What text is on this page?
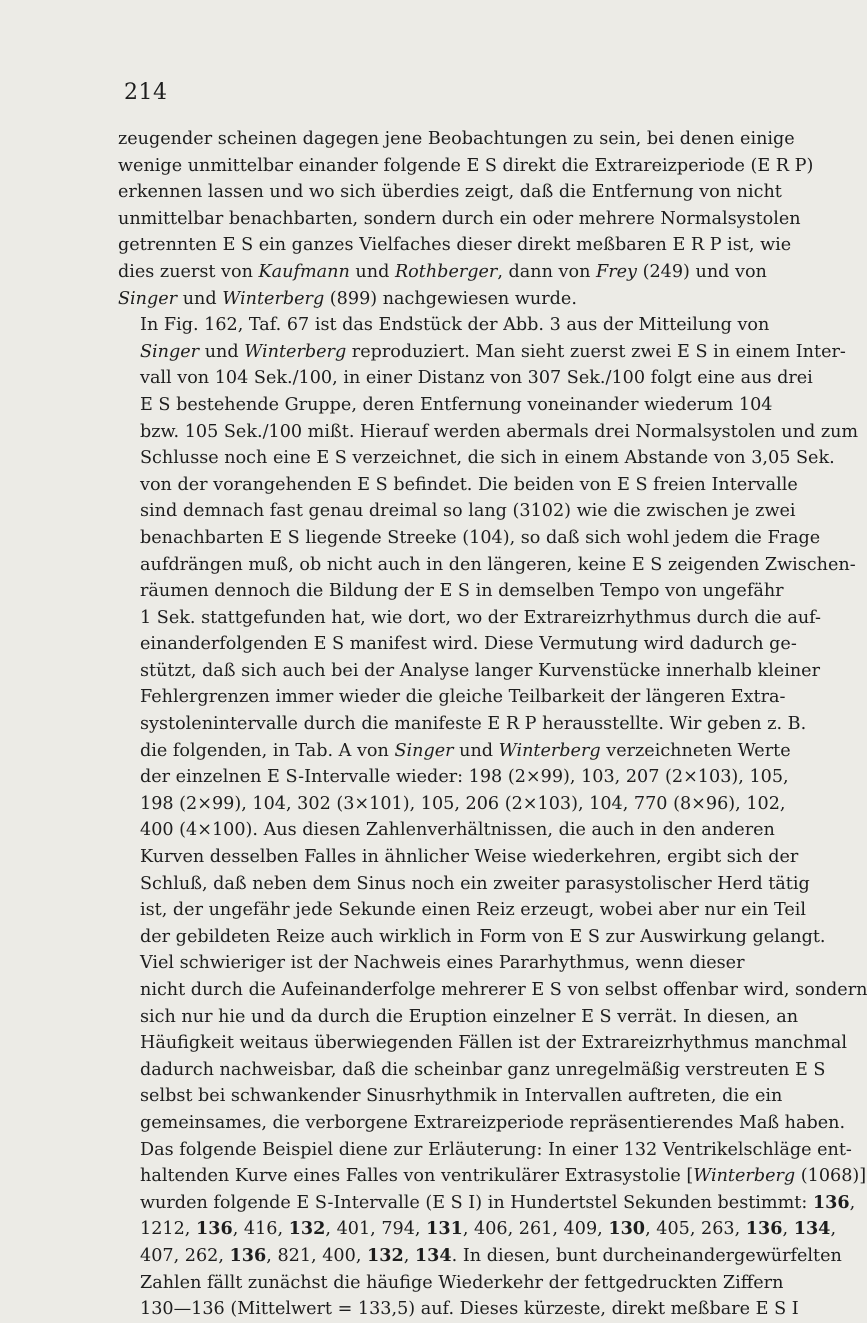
214

zeugender scheinen dagegen jene Beobachtungen zu sein, bei denen einige
wenige unmittelbar einander folgende E S direkt die Extrareizperiode (E R P)
erkennen lassen und wo sich überdies zeigt, daß die Entfernung von nicht
unmittelbar benachbarten, sondern durch ein oder mehrere Normalsystolen
getrennten E S ein ganzes Vielfaches dieser direkt meßbaren E R P ist, wie
dies zuerst von Kaufmann und Rothberger, dann von Frey (249) und von
Singer und Winterberg (899) nachgewiesen wurde.

In Fig. 162, Taf. 67 ist das Endstück der Abb. 3 aus der Mitteilung von
Singer und Winterberg reproduziert. Man sieht zuerst zwei E S in einem Inter-
vall von 104 Sek./100, in einer Distanz von 307 Sek./100 folgt eine aus drei
E S bestehende Gruppe, deren Entfernung voneinander wiederum 104
bzw. 105 Sek./100 mißt. Hierauf werden abermals drei Normalsystolen und zum
Schlusse noch eine E S verzeichnet, die sich in einem Abstande von 3,05 Sek.
von der vorangehenden E S befindet. Die beiden von E S freien Intervalle
sind demnach fast genau dreimal so lang (3102) wie die zwischen je zwei
benachbarten E S liegende Streeke (104), so daß sich wohl jedem die Frage
aufdrängen muß, ob nicht auch in den längeren, keine E S zeigenden Zwischen-
räumen dennoch die Bildung der E S in demselben Tempo von ungefähr
1 Sek. stattgefunden hat, wie dort, wo der Extrareizrhythmus durch die auf-
einanderfolgenden E S manifest wird. Diese Vermutung wird dadurch ge-
stützt, daß sich auch bei der Analyse langer Kurvenstücke innerhalb kleiner
Fehlergrenzen immer wieder die gleiche Teilbarkeit der längeren Extra-
systolenintervalle durch die manifeste E R P herausstellte. Wir geben z. B.
die folgenden, in Tab. A von Singer und Winterberg verzeichneten Werte
der einzelnen E S-Intervalle wieder: 198 (2×99), 103, 207 (2×103), 105,
198 (2×99), 104, 302 (3×101), 105, 206 (2×103), 104, 770 (8×96), 102,
400 (4×100). Aus diesen Zahlenverhältnissen, die auch in den anderen
Kurven desselben Falles in ähnlicher Weise wiederkehren, ergibt sich der
Schluß, daß neben dem Sinus noch ein zweiter parasystolischer Herd tätig
ist, der ungefähr jede Sekunde einen Reiz erzeugt, wobei aber nur ein Teil
der gebildeten Reize auch wirklich in Form von E S zur Auswirkung gelangt.

Viel schwieriger ist der Nachweis eines Pararhythmus, wenn dieser
nicht durch die Aufeinanderfolge mehrerer E S von selbst offenbar wird, sondern
sich nur hie und da durch die Eruption einzelner E S verrät. In diesen, an
Häufigkeit weitaus überwiegenden Fällen ist der Extrareizrhythmus manchmal
dadurch nachweisbar, daß die scheinbar ganz unregelmäßig verstreuten E S
selbst bei schwankender Sinusrhythmik in Intervallen auftreten, die ein
gemeinsames, die verborgene Extrareizperiode repräsentierendes Maß haben.
Das folgende Beispiel diene zur Erläuterung: In einer 132 Ventrikelschläge ent-
haltenden Kurve eines Falles von ventrikulärer Extrasystolie [Winterberg (1068)]
wurden folgende E S-Intervalle (E S I) in Hundertstel Sekunden bestimmt: 136,
1212, 136, 416, 132, 401, 794, 131, 406, 261, 409, 130, 405, 263, 136, 134,
407, 262, 136, 821, 400, 132, 134. In diesen, bunt durcheinandergewürfelten
Zahlen fällt zunächst die häufige Wiederkehr der fettgedruckten Ziffern
130—136 (Mittelwert = 133,5) auf. Dieses kürzeste, direkt meßbare E S I
